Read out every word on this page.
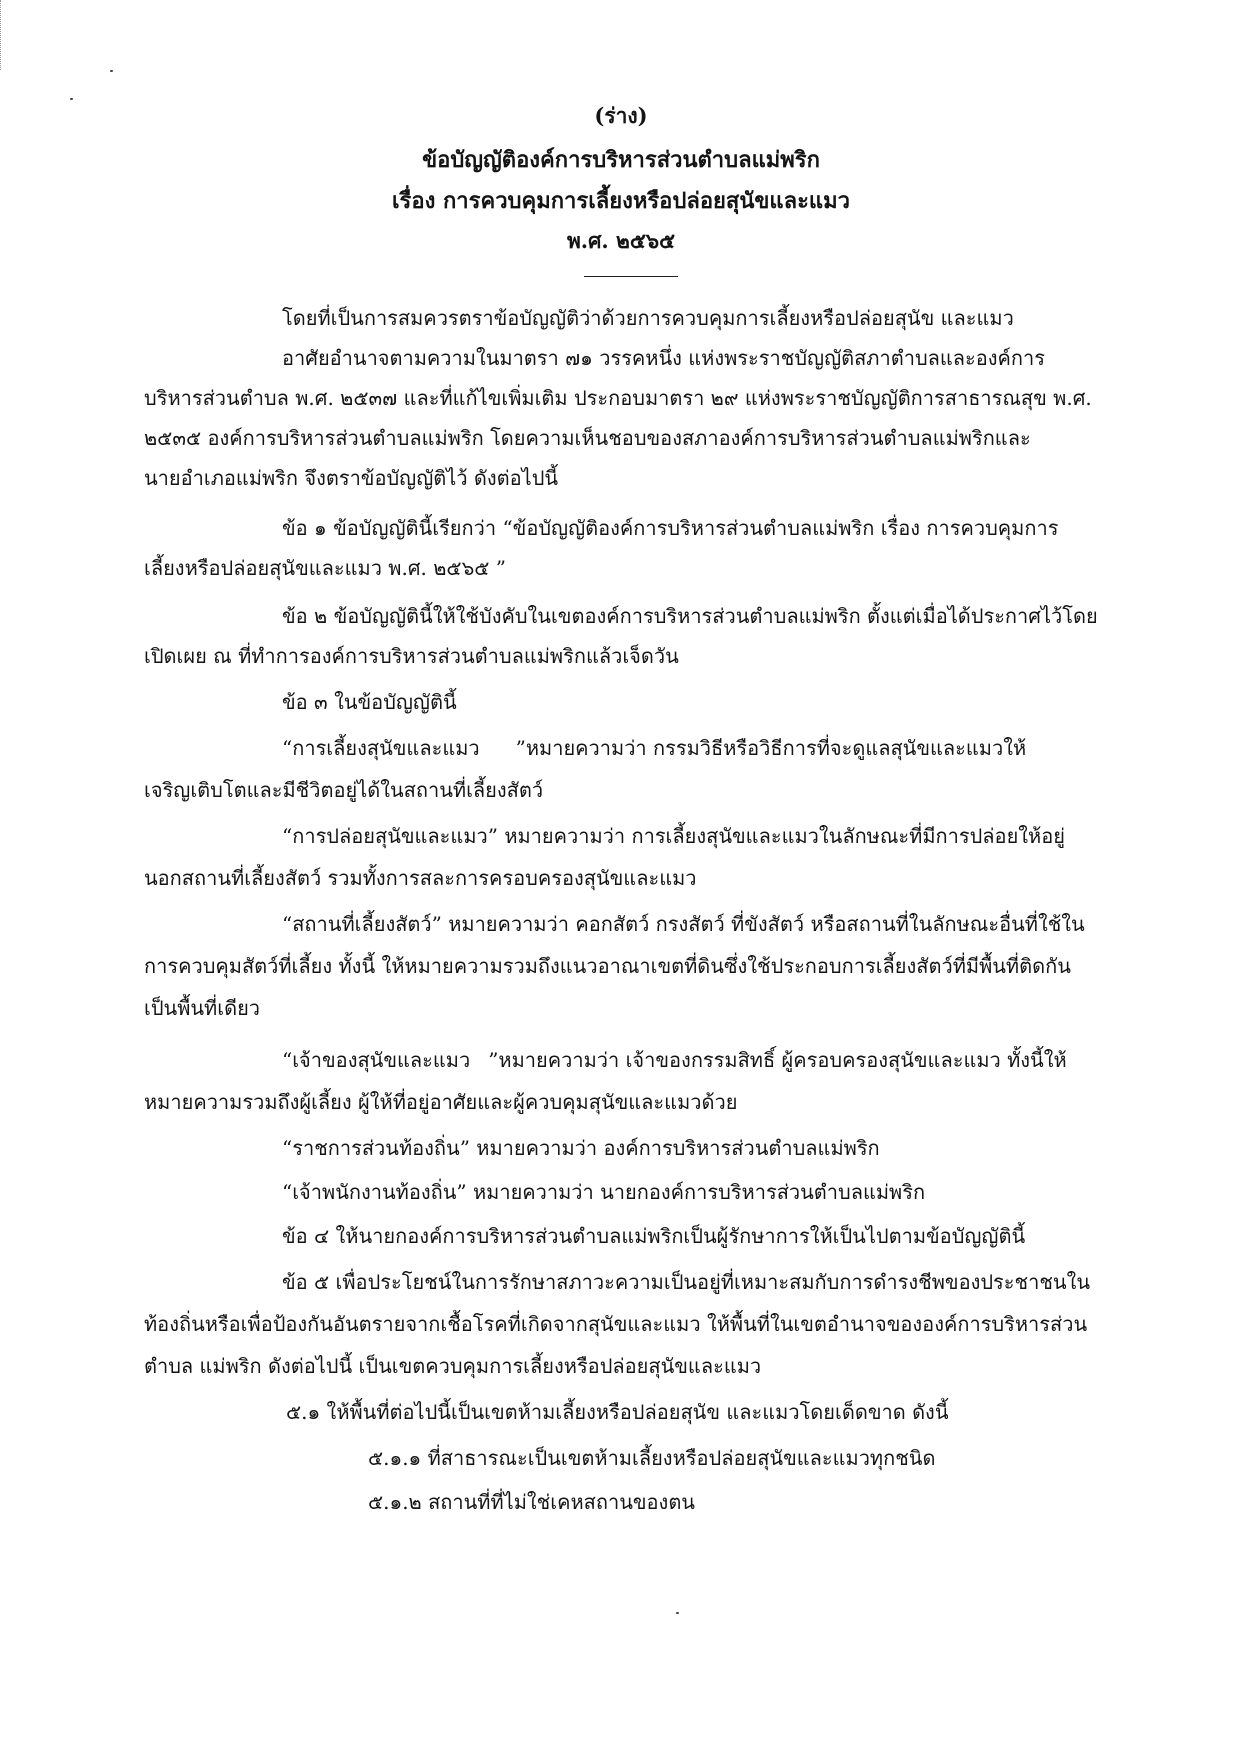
(ร่าง)
ข้อบัญญัติองค์การบริหารส่วนตำบลแม่พริก
เรื่อง การควบคุมการเลี้ยงหรือปล่อยสุนัขและแมว
พ.ศ. ๒๕๖๕
โดยที่เป็นการสมควรตราข้อบัญญัติว่าด้วยการควบคุมการเลี้ยงหรือปล่อยสุนัข และแมว
อาศัยอำนาจตามความในมาตรา ๗๑ วรรคหนึ่ง แห่งพระราชบัญญัติสภาตำบลและองค์การ
บริหารส่วนตำบล พ.ศ. ๒๕๓๗ และที่แก้ไขเพิ่มเติม ประกอบมาตรา ๒๙ แห่งพระราชบัญญัติการสาธารณสุข พ.ศ.
๒๕๓๕ องค์การบริหารส่วนตำบลแม่พริก โดยความเห็นชอบของสภาองค์การบริหารส่วนตำบลแม่พริกและ
นายอำเภอแม่พริก จึงตราข้อบัญญัติไว้ ดังต่อไปนี้
ข้อ ๑ ข้อบัญญัตินี้เรียกว่า “ข้อบัญญัติองค์การบริหารส่วนตำบลแม่พริก เรื่อง การควบคุมการ
เลี้ยงหรือปล่อยสุนัขและแมว พ.ศ. ๒๕๖๕ ”
ข้อ ๒ ข้อบัญญัตินี้ให้ใช้บังคับในเขตองค์การบริหารส่วนตำบลแม่พริก ตั้งแต่เมื่อได้ประกาศไว้โดย
เปิดเผย ณ ที่ทำการองค์การบริหารส่วนตำบลแม่พริกแล้วเจ็ดวัน
ข้อ ๓ ในข้อบัญญัตินี้
“การเลี้ยงสุนัขและแมว ”หมายความว่า กรรมวิธีหรือวิธีการที่จะดูแลสุนัขและแมวให้
เจริญเติบโตและมีชีวิตอยู่ได้ในสถานที่เลี้ยงสัตว์
“การปล่อยสุนัขและแมว” หมายความว่า การเลี้ยงสุนัขและแมวในลักษณะที่มีการปล่อยให้อยู่
นอกสถานที่เลี้ยงสัตว์ รวมทั้งการสละการครอบครองสุนัขและแมว
“สถานที่เลี้ยงสัตว์” หมายความว่า คอกสัตว์ กรงสัตว์ ที่ขังสัตว์ หรือสถานที่ในลักษณะอื่นที่ใช้ใน
การควบคุมสัตว์ที่เลี้ยง ทั้งนี้ ให้หมายความรวมถึงแนวอาณาเขตที่ดินซึ่งใช้ประกอบการเลี้ยงสัตว์ที่มีพื้นที่ติดกัน
เป็นพื้นที่เดียว
“เจ้าของสุนัขและแมว ”หมายความว่า เจ้าของกรรมสิทธิ์ ผู้ครอบครองสุนัขและแมว ทั้งนี้ให้
หมายความรวมถึงผู้เลี้ยง ผู้ให้ที่อยู่อาศัยและผู้ควบคุมสุนัขและแมวด้วย
“ราชการส่วนท้องถิ่น” หมายความว่า องค์การบริหารส่วนตำบลแม่พริก
“เจ้าพนักงานท้องถิ่น” หมายความว่า นายกองค์การบริหารส่วนตำบลแม่พริก
ข้อ ๔ ให้นายกองค์การบริหารส่วนตำบลแม่พริกเป็นผู้รักษาการให้เป็นไปตามข้อบัญญัตินี้
ข้อ ๕ เพื่อประโยชน์ในการรักษาสภาวะความเป็นอยู่ที่เหมาะสมกับการดำรงชีพของประชาชนใน
ท้องถิ่นหรือเพื่อป้องกันอันตรายจากเชื้อโรคที่เกิดจากสุนัขและแมว ให้พื้นที่ในเขตอำนาจขององค์การบริหารส่วน
ตำบล แม่พริก ดังต่อไปนี้ เป็นเขตควบคุมการเลี้ยงหรือปล่อยสุนัขและแมว
๕.๑ ให้พื้นที่ต่อไปนี้เป็นเขตห้ามเลี้ยงหรือปล่อยสุนัข และแมวโดยเด็ดขาด ดังนี้
๕.๑.๑ ที่สาธารณะเป็นเขตห้ามเลี้ยงหรือปล่อยสุนัขและแมวทุกชนิด
๕.๑.๒ สถานที่ที่ไม่ใช่เคหสถานของตน
